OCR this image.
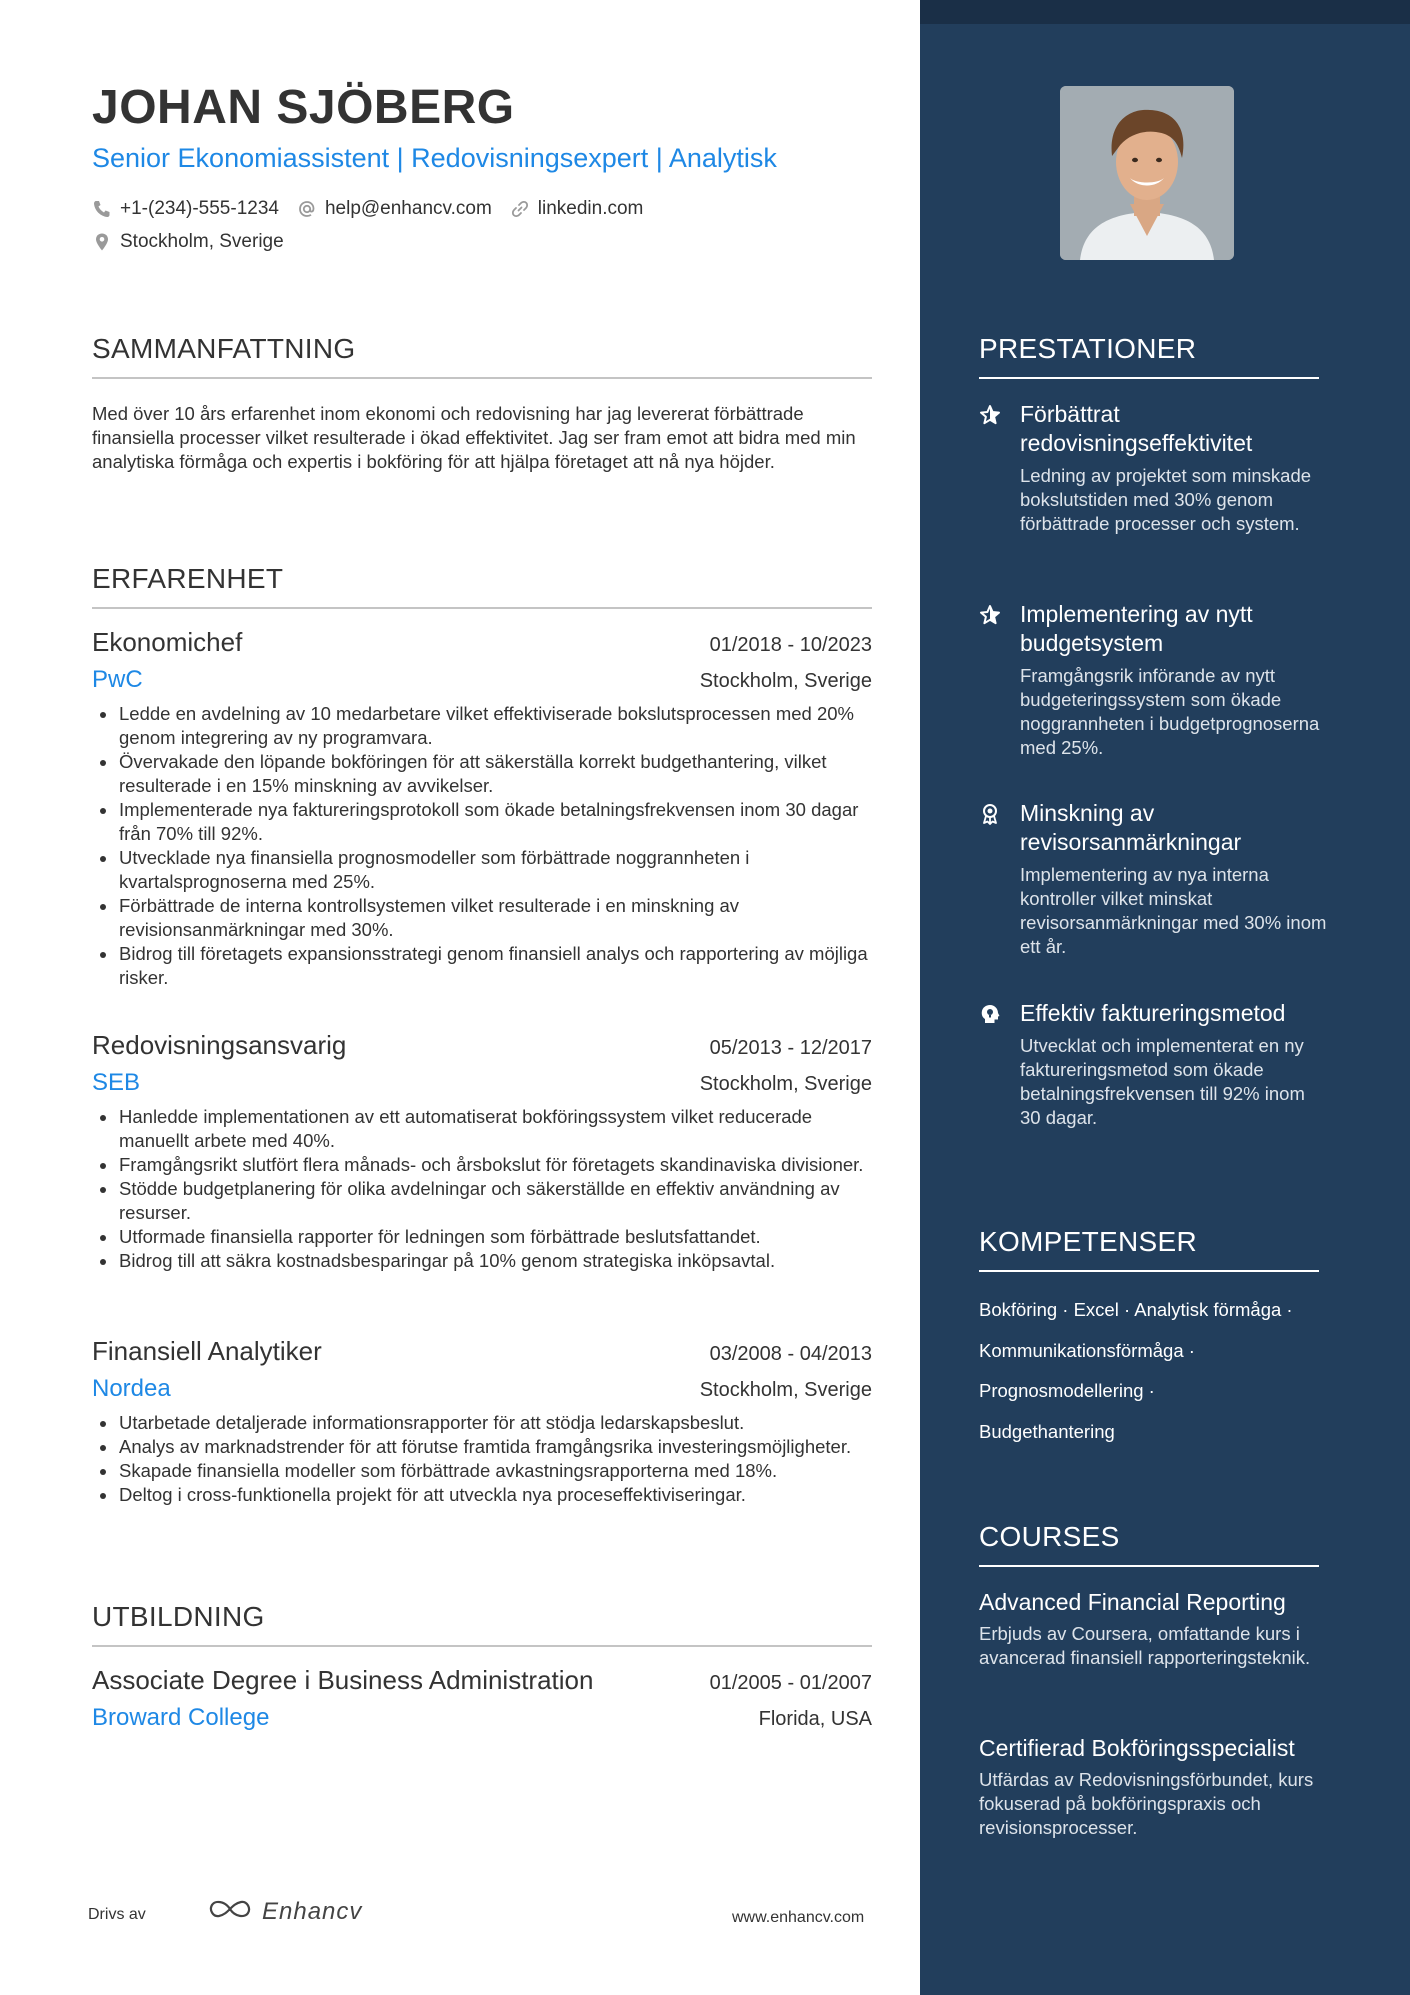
JOHAN SJÖBERG
Senior Ekonomiassistent | Redovisningsexpert | Analytisk
+1-(234)-555-1234 help@enhancv.com linkedin.com
Stockholm, Sverige
SAMMANFATTNING
Med över 10 års erfarenhet inom ekonomi och redovisning har jag levererat förbättrade finansiella processer vilket resulterade i ökad effektivitet. Jag ser fram emot att bidra med min analytiska förmåga och expertis i bokföring för att hjälpa företaget att nå nya höjder.
ERFARENHET
Ekonomichef	01/2018 - 10/2023
PwC	Stockholm, Sverige
Ledde en avdelning av 10 medarbetare vilket effektiviserade bokslutsprocessen med 20% genom integrering av ny programvara.
Övervakade den löpande bokföringen för att säkerställa korrekt budgethantering, vilket resulterade i en 15% minskning av avvikelser.
Implementerade nya faktureringsprotokoll som ökade betalningsfrekvensen inom 30 dagar från 70% till 92%.
Utvecklade nya finansiella prognosmodeller som förbättrade noggrannheten i kvartalsprognoserna med 25%.
Förbättrade de interna kontrollsystemen vilket resulterade i en minskning av revisionsanmärkningar med 30%.
Bidrog till företagets expansionsstrategi genom finansiell analys och rapportering av möjliga risker.
Redovisningsansvarig	05/2013 - 12/2017
SEB	Stockholm, Sverige
Hanledde implementationen av ett automatiserat bokföringssystem vilket reducerade manuellt arbete med 40%.
Framgångsrikt slutfört flera månads- och årsbokslut för företagets skandinaviska divisioner.
Stödde budgetplanering för olika avdelningar och säkerställde en effektiv användning av resurser.
Utformade finansiella rapporter för ledningen som förbättrade beslutsfattandet.
Bidrog till att säkra kostnadsbesparingar på 10% genom strategiska inköpsavtal.
Finansiell Analytiker	03/2008 - 04/2013
Nordea	Stockholm, Sverige
Utarbetade detaljerade informationsrapporter för att stödja ledarskapsbeslut.
Analys av marknadstrender för att förutse framtida framgångsrika investeringsmöjligheter.
Skapade finansiella modeller som förbättrade avkastningsrapporterna med 18%.
Deltog i cross-funktionella projekt för att utveckla nya proceseffektiviseringar.
UTBILDNING
Associate Degree i Business Administration	01/2005 - 01/2007
Broward College	Florida, USA
Drivs av	Enhancv	www.enhancv.com
PRESTATIONER
Förbättrat redovisningseffektivitet
Ledning av projektet som minskade bokslutstiden med 30% genom förbättrade processer och system.
Implementering av nytt budgetsystem
Framgångsrik införande av nytt budgeteringssystem som ökade noggrannheten i budgetprognoserna med 25%.
Minskning av revisorsanmärkningar
Implementering av nya interna kontroller vilket minskat revisorsanmärkningar med 30% inom ett år.
Effektiv faktureringsmetod
Utvecklat och implementerat en ny faktureringsmetod som ökade betalningsfrekvensen till 92% inom 30 dagar.
KOMPETENSER
Bokföring · Excel · Analytisk förmåga ·
Kommunikationsförmåga ·
Prognosmodellering ·
Budgethantering
COURSES
Advanced Financial Reporting
Erbjuds av Coursera, omfattande kurs i avancerad finansiell rapporteringsteknik.
Certifierad Bokföringsspecialist
Utfärdas av Redovisningsförbundet, kurs fokuserad på bokföringspraxis och revisionsprocesser.
